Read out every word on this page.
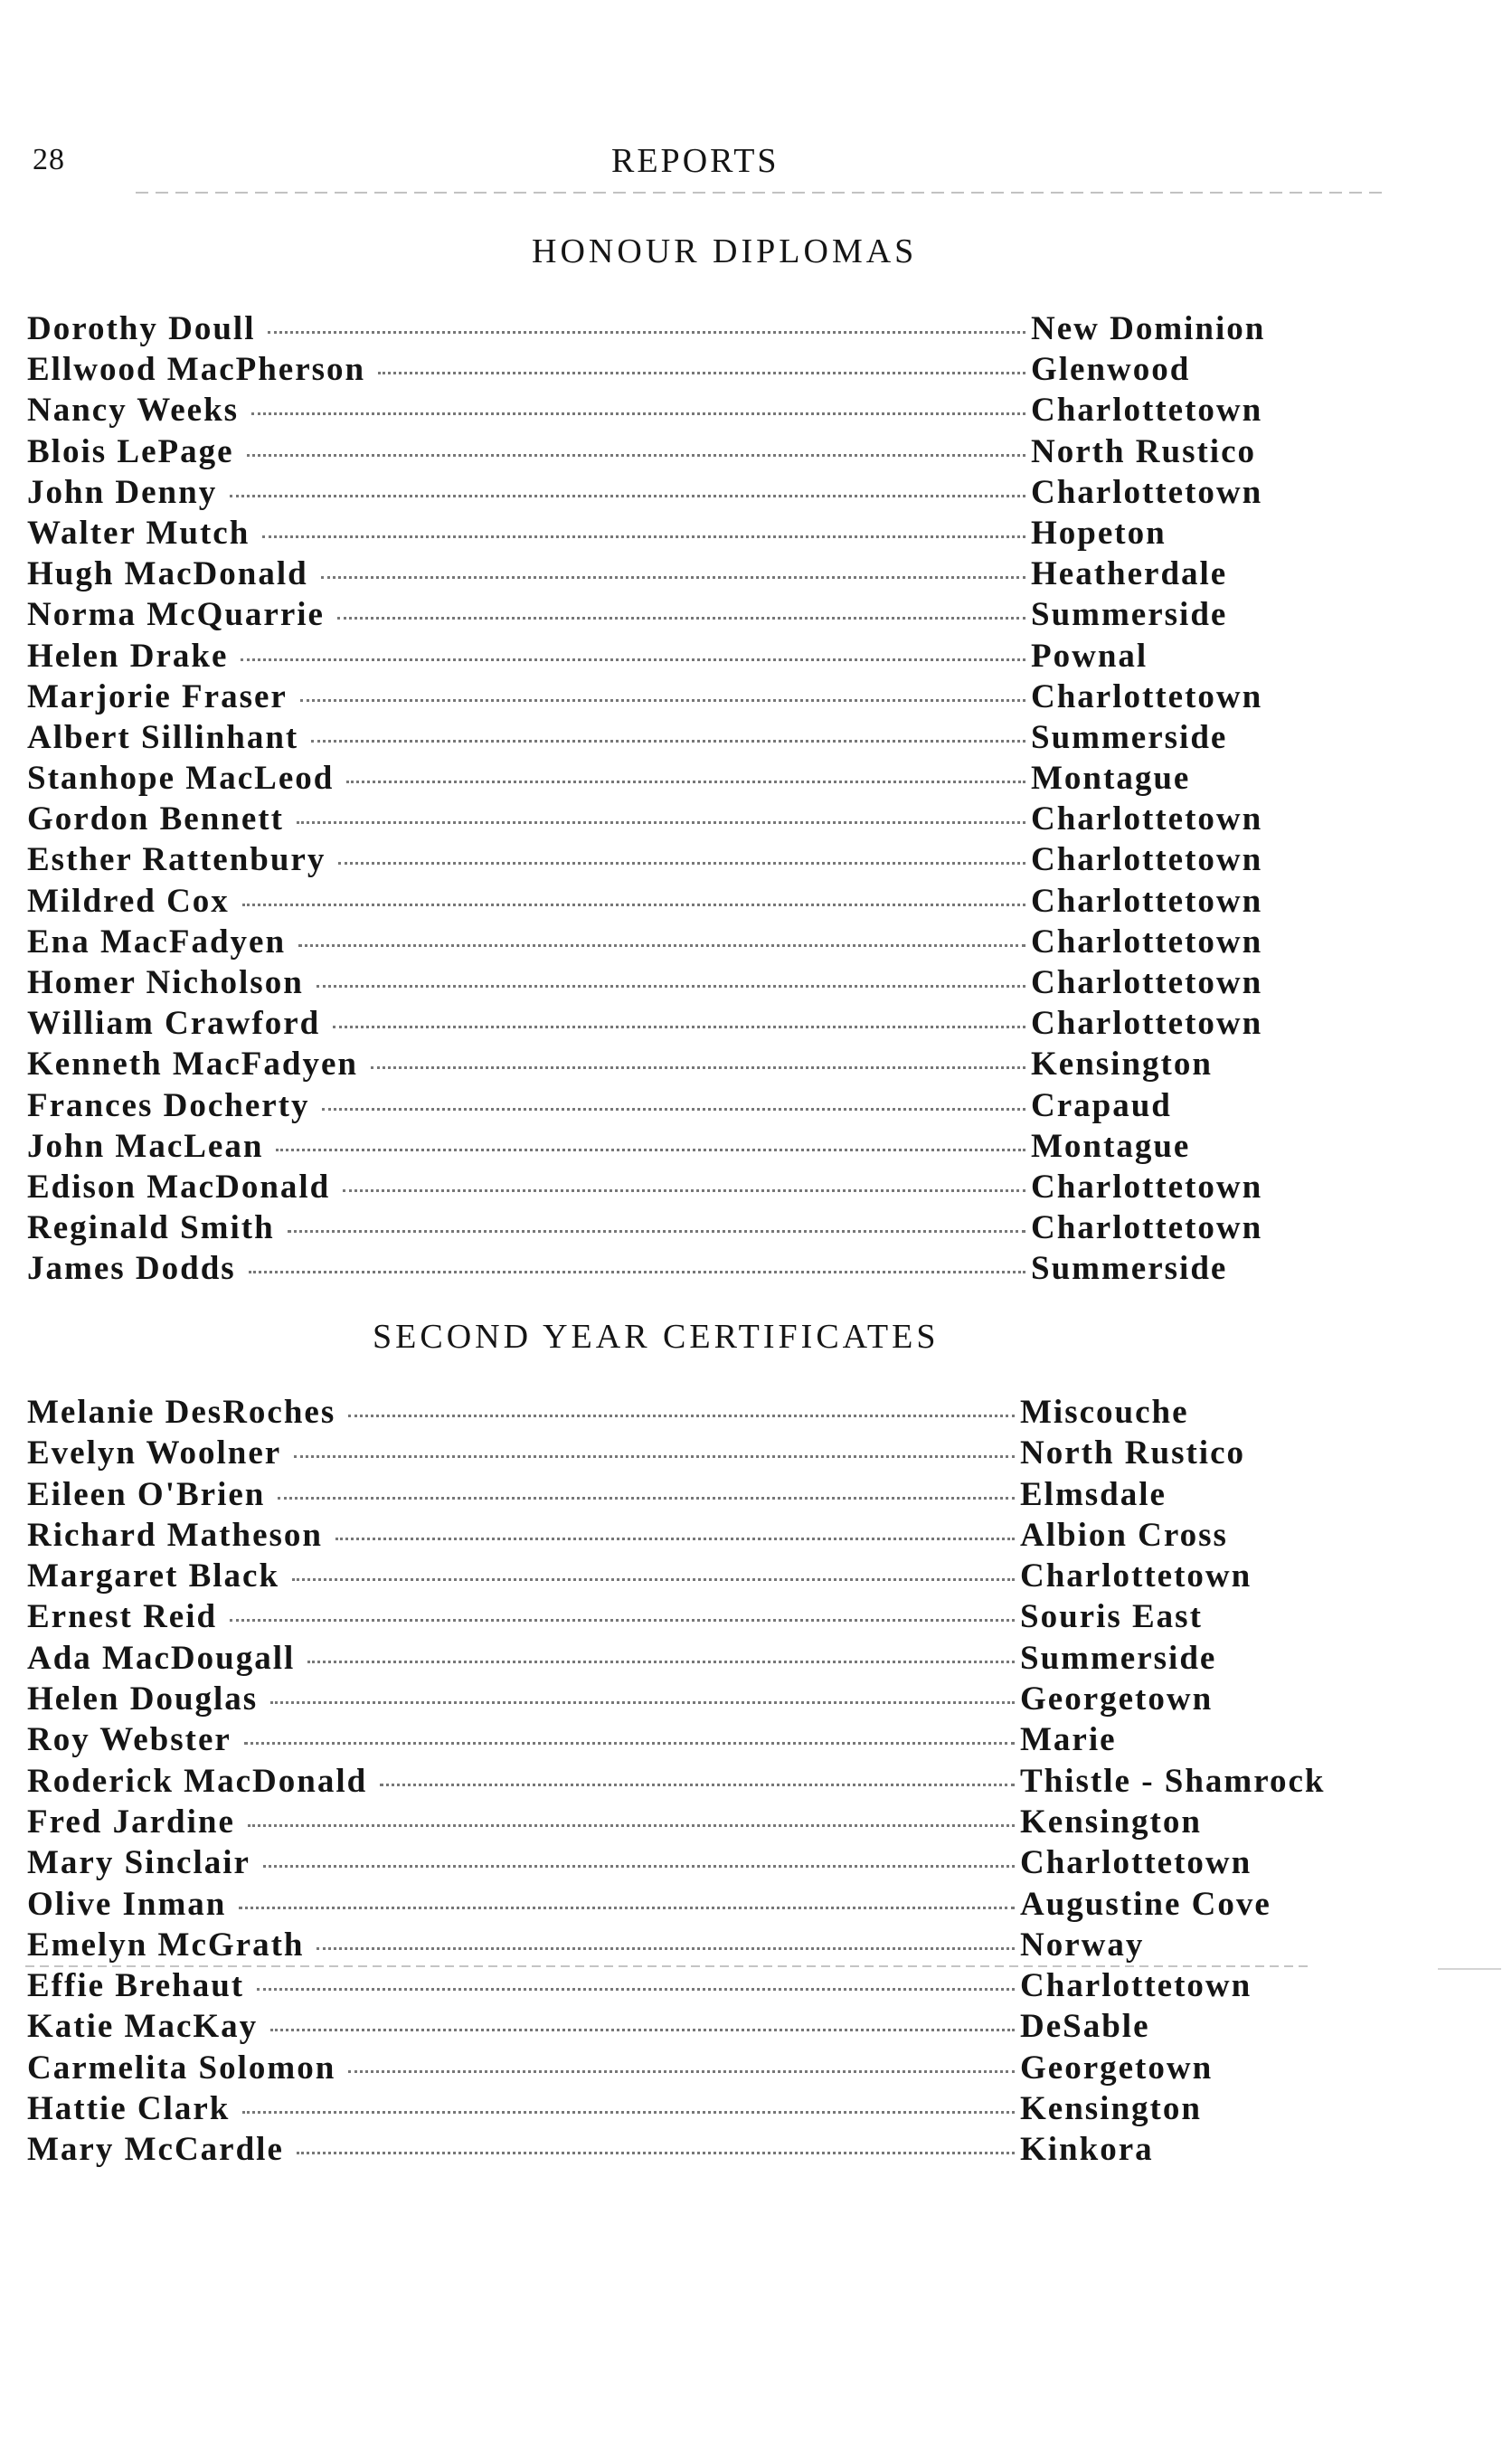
28	REPORTS
HONOUR DIPLOMAS
Dorothy Doull	New Dominion
Ellwood MacPherson	Glenwood
Nancy Weeks	Charlottetown
Blois LePage	North Rustico
John Denny	Charlottetown
Walter Mutch	Hopeton
Hugh MacDonald	Heatherdale
Norma McQuarrie	Summerside
Helen Drake	Pownal
Marjorie Fraser	Charlottetown
Albert Sillinhant	Summerside
Stanhope MacLeod	Montague
Gordon Bennett	Charlottetown
Esther Rattenbury	Charlottetown
Mildred Cox	Charlottetown
Ena MacFadyen	Charlottetown
Homer Nicholson	Charlottetown
William Crawford	Charlottetown
Kenneth MacFadyen	Kensington
Frances Docherty	Crapaud
John MacLean	Montague
Edison MacDonald	Charlottetown
Reginald Smith	Charlottetown
James Dodds	Summerside
SECOND YEAR CERTIFICATES
Melanie DesRoches	Miscouche
Evelyn Woolner	North Rustico
Eileen O'Brien	Elmsdale
Richard Matheson	Albion Cross
Margaret Black	Charlottetown
Ernest Reid	Souris East
Ada MacDougall	Summerside
Helen Douglas	Georgetown
Roy Webster	Marie
Roderick MacDonald	Thistle - Shamrock
Fred Jardine	Kensington
Mary Sinclair	Charlottetown
Olive Inman	Augustine Cove
Emelyn McGrath	Norway
Effie Brehaut	Charlottetown
Katie MacKay	DeSable
Carmelita Solomon	Georgetown
Hattie Clark	Kensington
Mary McCardle	Kinkora
